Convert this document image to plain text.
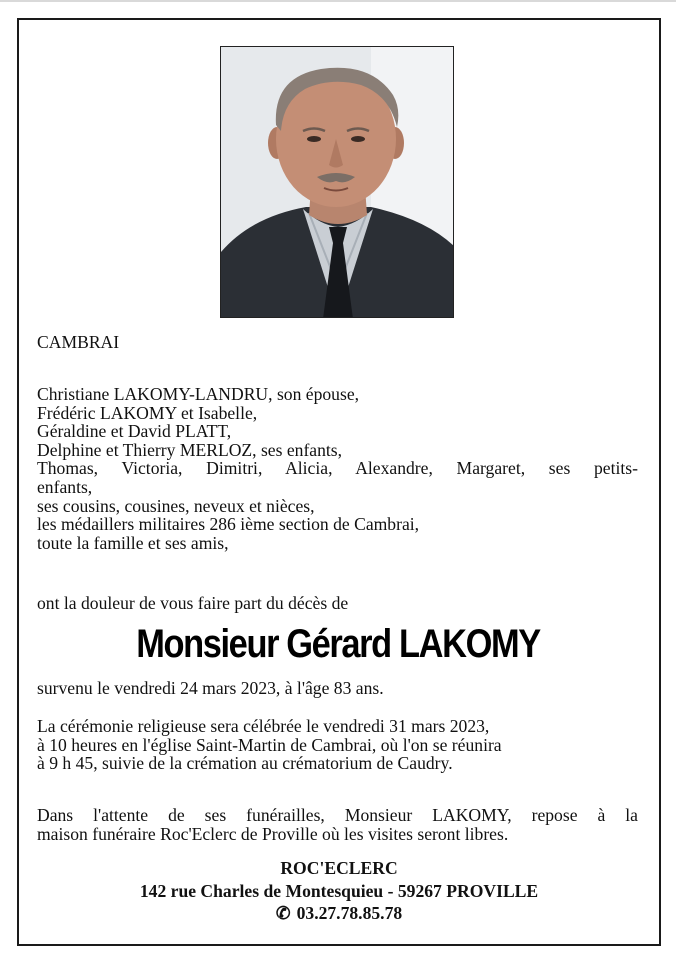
CAMBRAI

Christiane LAKOMY-LANDRU, son épouse,
Frédéric LAKOMY et Isabelle,
Géraldine et David PLATT,
Delphine et Thierry MERLOZ, ses enfants,
Thomas, Victoria, Dimitri, Alicia, Alexandre, Margaret, ses petits-
enfants,
ses cousins, cousines, neveux et nièces,
les médaillers militaires 286 ième section de Cambrai,
toute la famille et ses amis,

ont la douleur de vous faire part du décès de

Monsieur Gérard LAKOMY

survenu le vendredi 24 mars 2023, à l'âge 83 ans.

La cérémonie religieuse sera célébrée le vendredi 31 mars 2023,
à 10 heures en l'église Saint-Martin de Cambrai, où l'on se réunira
à 9 h 45, suivie de la crémation au crématorium de Caudry.
Dans l'attente de ses funérailles, Monsieur LAKOMY, repose à la
maison funéraire Roc'Eclerc de Proville où les visites seront libres.
ROC'ECLERC
142 rue Charles de Montesquieu - 59267 PROVILLE
✆ 03.27.78.85.78
